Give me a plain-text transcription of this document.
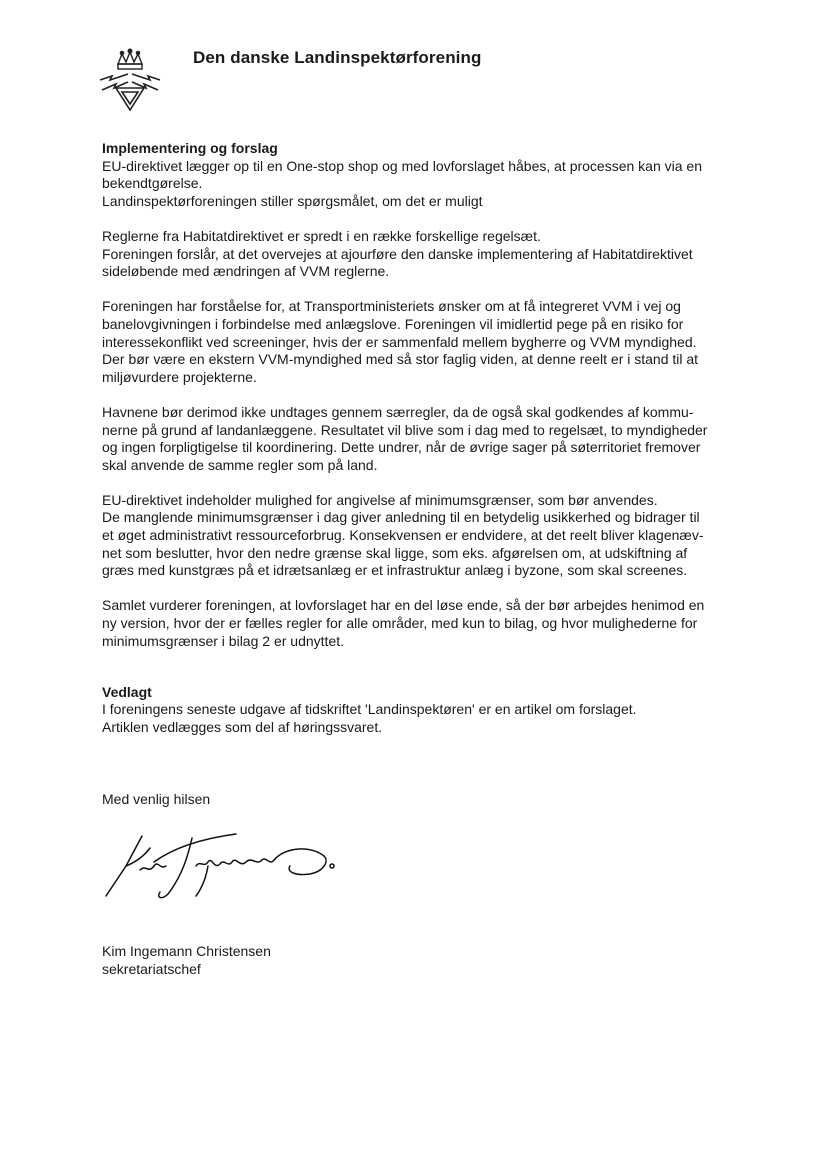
Den danske Landinspektørforening

Implementering og forslag

EU-direktivet lægger op til en One-stop shop og med lovforslaget håbes, at processen kan via en

bekendtgørelse.

Landinspektørforeningen stiller spørgsmålet, om det er muligt

Reglerne fra Habitatdirektivet er spredt i en række forskellige regelsæt.

Foreningen forslår, at det overvejes at ajourføre den danske implementering af Habitatdirektivet

sideløbende med ændringen af VVM reglerne.

Foreningen har forståelse for, at Transportministeriets ønsker om at få integreret VVM i vej og

banelovgivningen i forbindelse med anlægslove. Foreningen vil imidlertid pege på en risiko for

interessekonflikt ved screeninger, hvis der er sammenfald mellem bygherre og VVM myndighed.

Der bør være en ekstern VVM-myndighed med så stor faglig viden, at denne reelt er i stand til at

miljøvurdere projekterne.

Havnene bør derimod ikke undtages gennem særregler, da de også skal godkendes af kommu-

nerne på grund af landanlæggene. Resultatet vil blive som i dag med to regelsæt, to myndigheder

og ingen forpligtigelse til koordinering. Dette undrer, når de øvrige sager på søterritoriet fremover

skal anvende de samme regler som på land.

EU-direktivet indeholder mulighed for angivelse af minimumsgrænser, som bør anvendes.

De manglende minimumsgrænser i dag giver anledning til en betydelig usikkerhed og bidrager til

et øget administrativt ressourceforbrug. Konsekvensen er endvidere, at det reelt bliver klagenæv-

net som beslutter, hvor den nedre grænse skal ligge, som eks. afgørelsen om, at udskiftning af

græs med kunstgræs på et idrætsanlæg er et infrastruktur anlæg i byzone, som skal screenes.

Samlet vurderer foreningen, at lovforslaget har en del løse ende, så der bør arbejdes henimod en

ny version, hvor der er fælles regler for alle områder, med kun to bilag, og hvor mulighederne for

minimumsgrænser i bilag 2 er udnyttet.

Vedlagt

I foreningens seneste udgave af tidskriftet 'Landinspektøren' er en artikel om forslaget.

Artiklen vedlægges som del af høringssvaret.

Med venlig hilsen
Kim Ingemann Christensen
sekretariatschef
